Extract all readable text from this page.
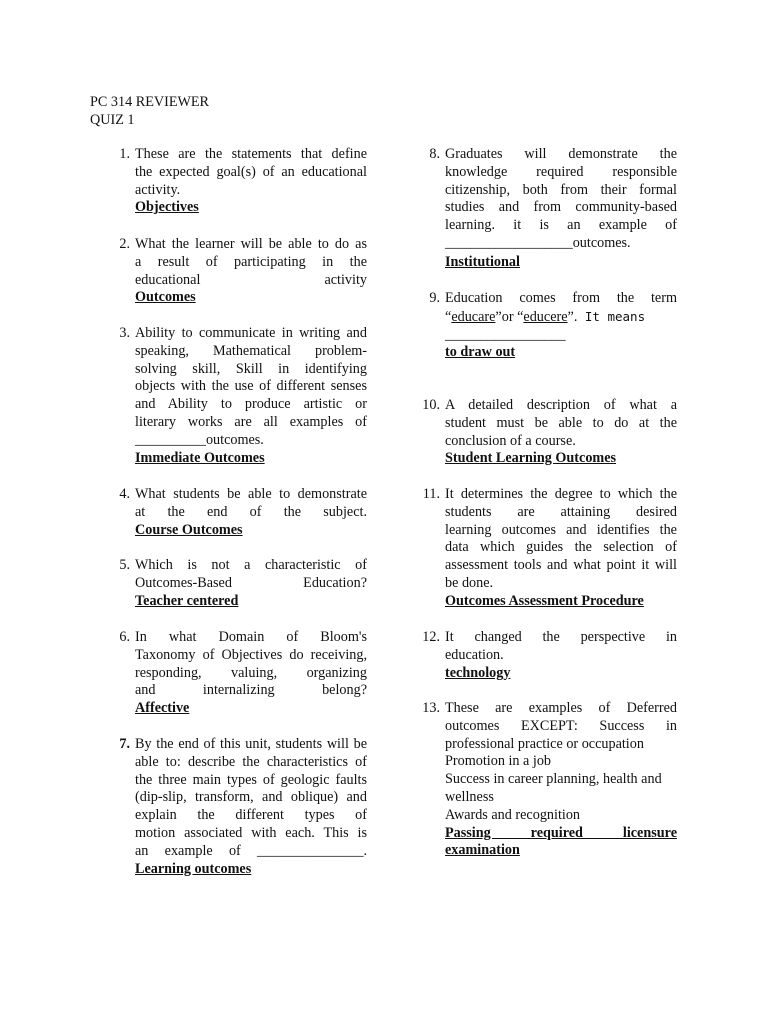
PC 314 REVIEWER
QUIZ 1
1. These are the statements that define
the expected goal(s) of an educational
activity.
Objectives
2. What the learner will be able to do as
a result of participating in the
educational activity
Outcomes
3. Ability to communicate in writing and
speaking, Mathematical problem-
solving skill, Skill in identifying
objects with the use of different senses
and Ability to produce artistic or
literary works are all examples of
__________outcomes.
Immediate Outcomes
4. What students be able to demonstrate
at the end of the subject.
Course Outcomes
5. Which is not a characteristic of
Outcomes-Based Education?
Teacher centered
6. In what Domain of Bloom's
Taxonomy of Objectives do receiving,
responding, valuing, organizing
and internalizing belong?
Affective
7. By the end of this unit, students will be
able to: describe the characteristics of
the three main types of geologic faults
(dip-slip, transform, and oblique) and
explain the different types of
motion associated with each. This is
an example of _______________.
Learning outcomes
8. Graduates will demonstrate the
knowledge required responsible
citizenship, both from their formal
studies and from community-based
learning. it is an example of
__________________outcomes.
Institutional
9. Education comes from the term
“educare”or “educere”. It means
_________________
to draw out
10. A detailed description of what a
student must be able to do at the
conclusion of a course.
Student Learning Outcomes
11. It determines the degree to which the
students are attaining desired
learning outcomes and identifies the
data which guides the selection of
assessment tools and what point it will
be done.
Outcomes Assessment Procedure
12. It changed the perspective in
education.
technology
13. These are examples of Deferred
outcomes EXCEPT: Success in
professional practice or occupation
Promotion in a job
Success in career planning, health and
wellness
Awards and recognition
Passing required licensure
examination
